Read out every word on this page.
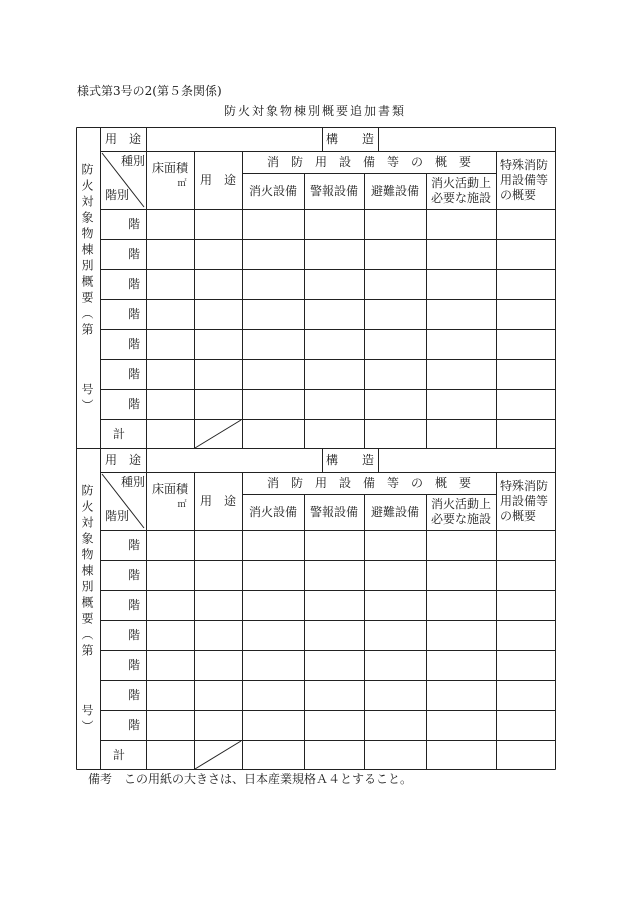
様式第3号の2(第５条関係)
防火対象物棟別概要追加書類
用　途	構　　造
種別
階別
床面積
㎡ 用　途
消　防　用　設　備　等　の　概　要
消火設備 警報設備 避難設備
消火活動上必要な施設
特殊消防用設備等の概要
階
階
階
階
階
階
階
計
防火対象物棟別概要（第
号）
用　途	構　　造
種別
階別
床面積
㎡ 用　途
消　防　用　設　備　等　の　概　要
消火設備 警報設備 避難設備
消火活動上必要な施設
特殊消防用設備等の概要
階
階
階
階
階
階
階
計
防火対象物棟別概要（第
号）
備考　この用紙の大きさは、日本産業規格Ａ４とすること。
